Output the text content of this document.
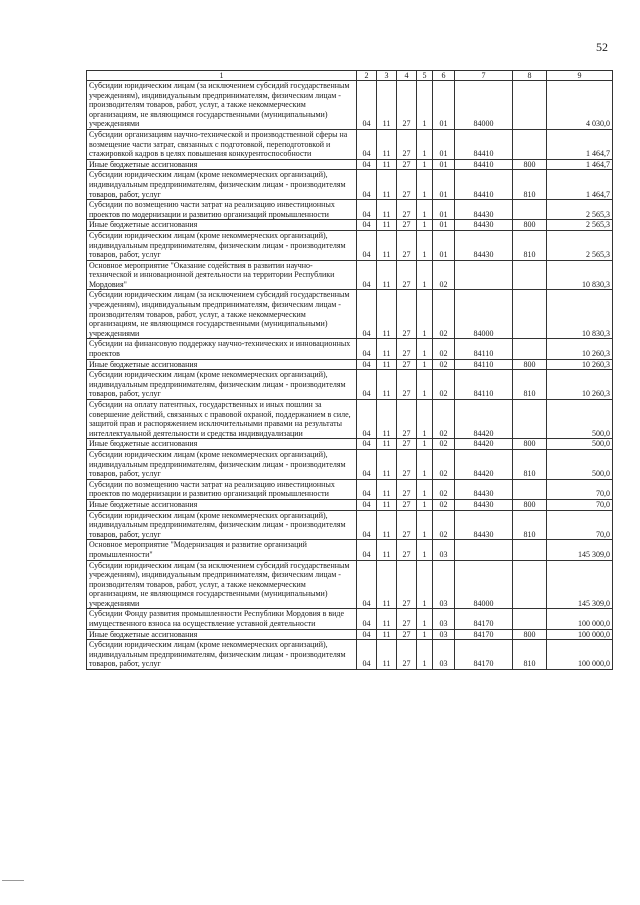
52
1	2	3	4	5	6	7	8	9
Субсидии юридическим лицам (за исключением субсидий государственным учреждениям), индивидуальным предпринимателям, физическим лицам - производителям товаров, работ, услуг, а также некоммерческим организациям, не являющимся государственными (муниципальными) учреждениями	04	11	27	1	01	84000		4 030,0
Субсидии организациям научно-технической и производственной сферы на возмещение части затрат, связанных с подготовкой, переподготовкой и стажировкой кадров в целях повышения конкурентоспособности	04	11	27	1	01	84410		1 464,7
Иные бюджетные ассигнования	04	11	27	1	01	84410	800	1 464,7
Субсидии юридическим лицам (кроме некоммерческих организаций), индивидуальным предпринимателям, физическим лицам - производителям товаров, работ, услуг	04	11	27	1	01	84410	810	1 464,7
Субсидии по возмещению части затрат на реализацию инвестиционных проектов по модернизации и развитию организаций промышленности	04	11	27	1	01	84430		2 565,3
Иные бюджетные ассигнования	04	11	27	1	01	84430	800	2 565,3
Субсидии юридическим лицам (кроме некоммерческих организаций), индивидуальным предпринимателям, физическим лицам - производителям товаров, работ, услуг	04	11	27	1	01	84430	810	2 565,3
Основное мероприятие "Оказание содействия в развитии научно-технической и инновационной деятельности на территории Республики Мордовия"	04	11	27	1	02			10 830,3
Субсидии юридическим лицам (за исключением субсидий государственным учреждениям), индивидуальным предпринимателям, физическим лицам - производителям товаров, работ, услуг, а также некоммерческим организациям, не являющимся государственными (муниципальными) учреждениями	04	11	27	1	02	84000		10 830,3
Субсидии на финансовую поддержку научно-технических и инновационных проектов	04	11	27	1	02	84110		10 260,3
Иные бюджетные ассигнования	04	11	27	1	02	84110	800	10 260,3
Субсидии юридическим лицам (кроме некоммерческих организаций), индивидуальным предпринимателям, физическим лицам - производителям товаров, работ, услуг	04	11	27	1	02	84110	810	10 260,3
Субсидии на оплату патентных, государственных и иных пошлин за совершение действий, связанных с правовой охраной, поддержанием в силе, защитой прав и распоряжением исключительными правами на результаты интеллектуальной деятельности и средства индивидуализации	04	11	27	1	02	84420		500,0
Иные бюджетные ассигнования	04	11	27	1	02	84420	800	500,0
Субсидии юридическим лицам (кроме некоммерческих организаций), индивидуальным предпринимателям, физическим лицам - производителям товаров, работ, услуг	04	11	27	1	02	84420	810	500,0
Субсидии по возмещению части затрат на реализацию инвестиционных проектов по модернизации и развитию организаций промышленности	04	11	27	1	02	84430		70,0
Иные бюджетные ассигнования	04	11	27	1	02	84430	800	70,0
Субсидии юридическим лицам (кроме некоммерческих организаций), индивидуальным предпринимателям, физическим лицам - производителям товаров, работ, услуг	04	11	27	1	02	84430	810	70,0
Основное мероприятие "Модернизация и развитие организаций промышленности"	04	11	27	1	03			145 309,0
Субсидии юридическим лицам (за исключением субсидий государственным учреждениям), индивидуальным предпринимателям, физическим лицам - производителям товаров, работ, услуг, а также некоммерческим организациям, не являющимся государственными (муниципальными) учреждениями	04	11	27	1	03	84000		145 309,0
Субсидии Фонду развития промышленности Республики Мордовия в виде имущественного взноса на осуществление уставной деятельности	04	11	27	1	03	84170		100 000,0
Иные бюджетные ассигнования	04	11	27	1	03	84170	800	100 000,0
Субсидии юридическим лицам (кроме некоммерческих организаций), индивидуальным предпринимателям, физическим лицам - производителям товаров, работ, услуг	04	11	27	1	03	84170	810	100 000,0
